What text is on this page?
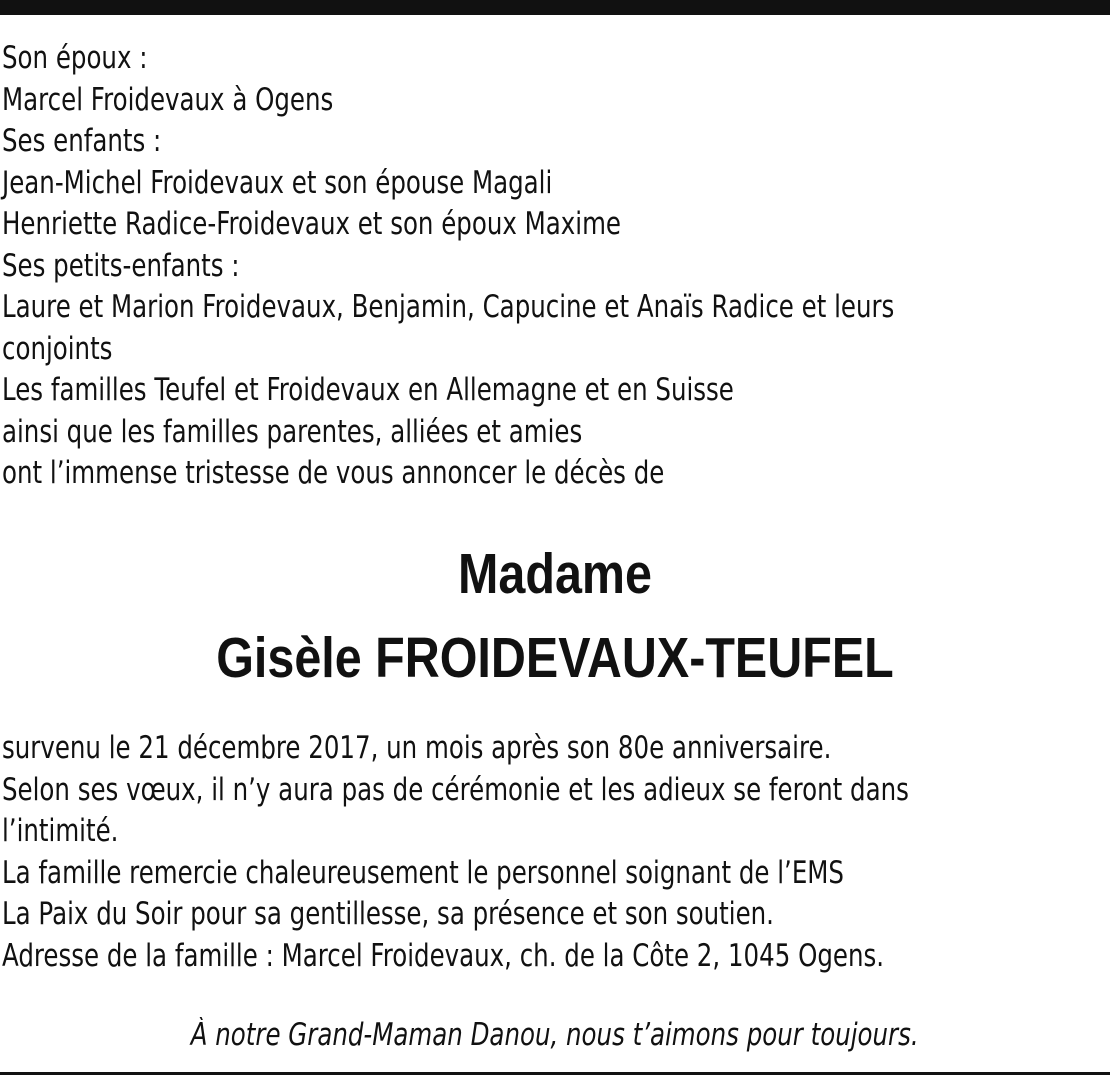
Son époux :
Marcel Froidevaux à Ogens
Ses enfants :
Jean-Michel Froidevaux et son épouse Magali
Henriette Radice-Froidevaux et son époux Maxime
Ses petits-enfants :
Laure et Marion Froidevaux, Benjamin, Capucine et Anaïs Radice et leurs
conjoints
Les familles Teufel et Froidevaux en Allemagne et en Suisse
ainsi que les familles parentes, alliées et amies
ont l’immense tristesse de vous annoncer le décès de
Madame
Gisèle FROIDEVAUX-TEUFEL
survenu le 21 décembre 2017, un mois après son 80e anniversaire.
Selon ses vœux, il n’y aura pas de cérémonie et les adieux se feront dans
l’intimité.
La famille remercie chaleureusement le personnel soignant de l’EMS
La Paix du Soir pour sa gentillesse, sa présence et son soutien.
Adresse de la famille : Marcel Froidevaux, ch. de la Côte 2, 1045 Ogens.
À notre Grand-Maman Danou, nous t’aimons pour toujours.
